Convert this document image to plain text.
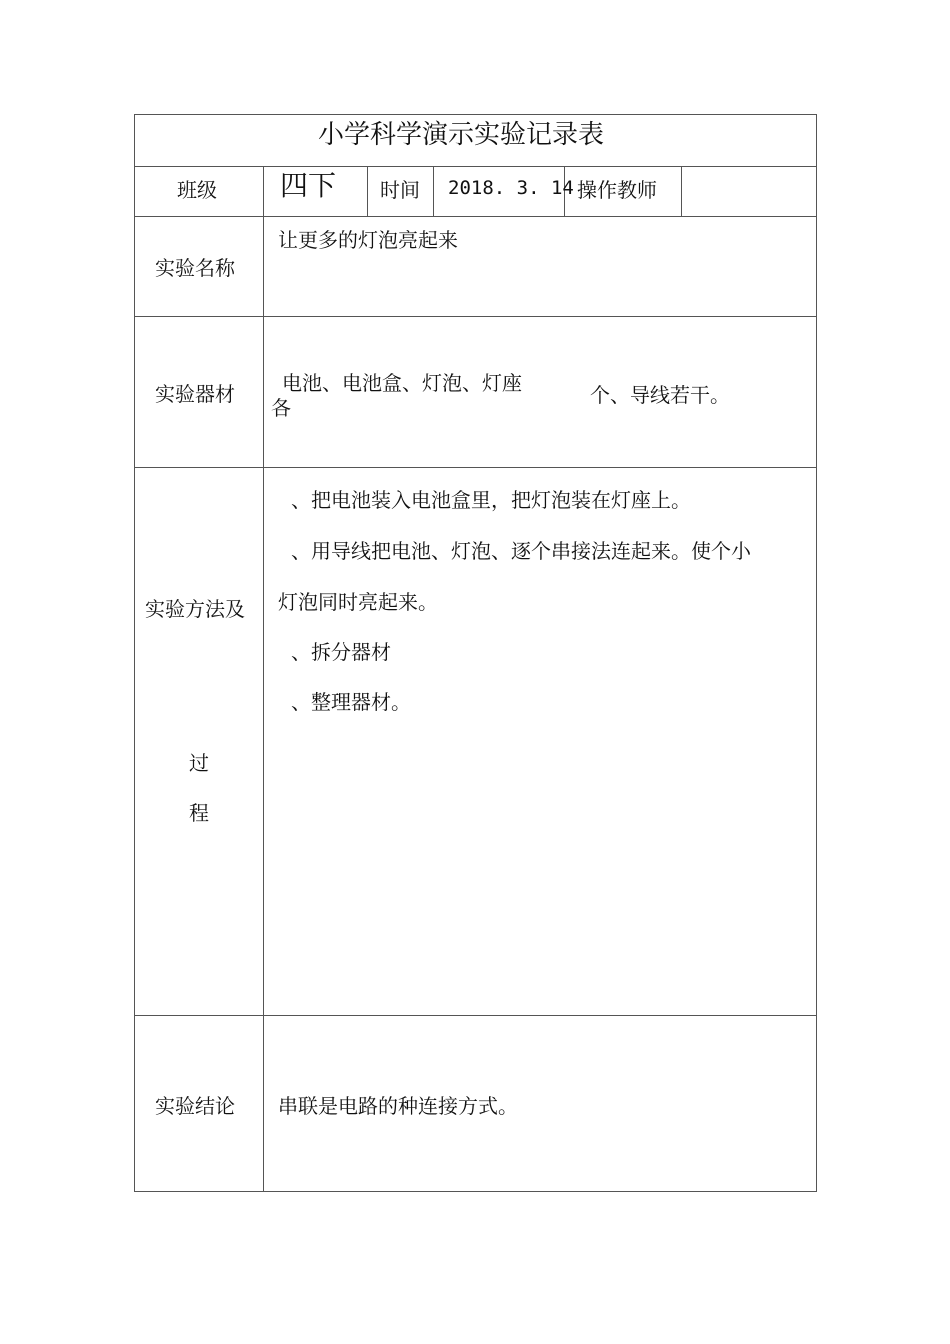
小学科学演示实验记录表
班级 四下 时间 2018. 3. 14 操作教师
实验名称
让更多的灯泡亮起来
实验器材 电池、电池盒、灯泡、灯座
各
个、导线若干。
实验方法及
过
程
、把电池装入电池盒里，把灯泡装在灯座上。
、用导线把电池、灯泡、逐个串接法连起来。使个小
灯泡同时亮起来。
、拆分器材
、整理器材。
实验结论 串联是电路的种连接方式。
